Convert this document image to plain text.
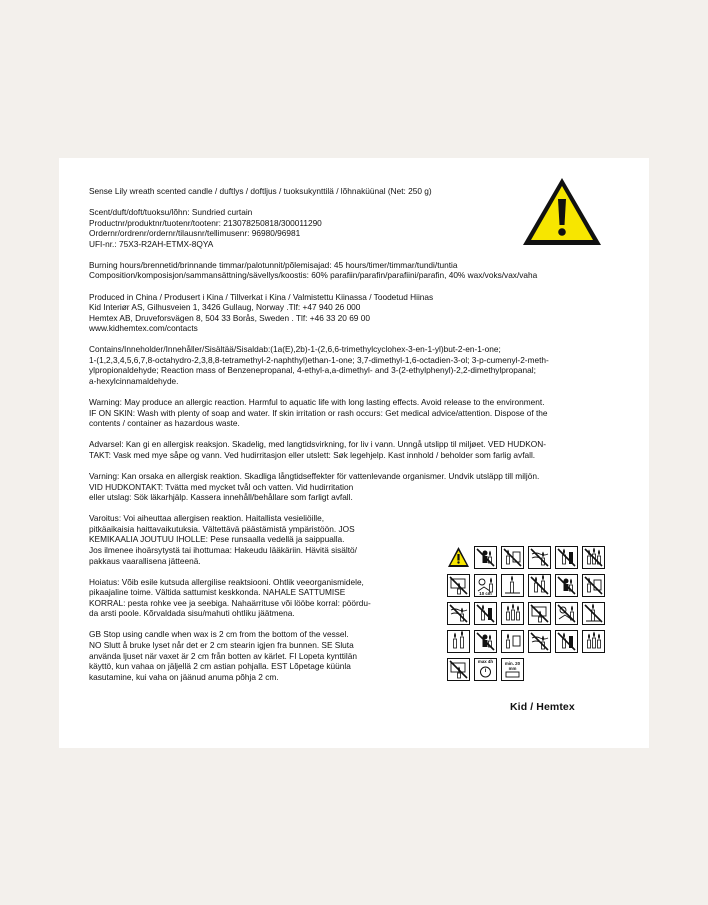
Sense Lily wreath scented candle / duftlys / doftljus / tuoksukynttilä / lõhnaküünal (Net: 250 g)

Scent/duft/doft/tuoksu/lõhn: Sundried curtain
Productnr/produktnr/tuotenr/tootenr: 213078250818/300011290
Ordernr/ordrenr/ordernr/tilausnr/tellimusenr: 96980/96981
UFI-nr.: 75X3-R2AH-ETMX-8QYA

Burning hours/brennetid/brinnande timmar/palotunnit/põlemisajad: 45 hours/timer/timmar/tundi/tuntia
Composition/komposisjon/sammansättning/sävellys/koostis: 60% parafiin/parafin/parafiini/parafin, 40% wax/voks/vax/vaha

Produced in China / Produsert i Kina / Tillverkat i Kina / Valmistettu Kiinassa / Toodetud Hiinas
Kid Interiør AS, Gilhusveien 1, 3426 Gullaug, Norway .Tlf: +47 940 26 000
Hemtex AB, Druveforsvägen 8, 504 33 Borås, Sweden . Tlf: +46 33 20 69 00
www.kidhemtex.com/contacts

Contains/Inneholder/Innehåller/Sisältää/Sisaldab:(1a(E),2b)-1-(2,6,6-trimethylcyclohex-3-en-1-yl)but-2-en-1-one;
1-(1,2,3,4,5,6,7,8-octahydro-2,3,8,8-tetramethyl-2-naphthyl)ethan-1-one; 3,7-dimethyl-1,6-octadien-3-ol; 3-p-cumenyl-2-meth-
ylpropionaldehyde; Reaction mass of Benzenepropanal, 4-ethyl-a,a-dimethyl- and 3-(2-ethylphenyl)-2,2-dimethylpropanal;
a-hexylcinnamaldehyde.

Warning: May produce an allergic reaction. Harmful to aquatic life with long lasting effects. Avoid release to the environment.
IF ON SKIN: Wash with plenty of soap and water. If skin irritation or rash occurs: Get medical advice/attention. Dispose of the
contents / container as hazardous waste.

Advarsel: Kan gi en allergisk reaksjon. Skadelig, med langtidsvirkning, for liv i vann. Unngå utslipp til miljøet. VED HUDKON-
TAKT: Vask med mye såpe og vann. Ved hudirritasjon eller utslett: Søk legehjelp. Kast innhold / beholder som farlig avfall.

Varning: Kan orsaka en allergisk reaktion. Skadliga långtidseffekter för vattenlevande organismer. Undvik utsläpp till miljön.
VID HUDKONTAKT: Tvätta med mycket tvål och vatten. Vid hudirritation
eller utslag: Sök läkarhjälp. Kassera innehåll/behållare som farligt avfall.

Varoitus: Voi aiheuttaa allergisen reaktion. Haitallista vesieliöille,
pitkäaikaisia haittavaikutuksia. Vältettävä päästämistä ympäristöön. JOS
KEMIKAALIA JOUTUU IHOLLE: Pese runsaalla vedellä ja saippualla.
Jos ilmenee ihoärsytystä tai ihottumaa: Hakeudu lääkäriin. Hävitä sisältö/
pakkaus vaarallisena jätteenä.

Hoiatus: Võib esile kutsuda allergilise reaktsiooni. Ohtlik veeorganismidele,
pikaajaline toime. Vältida sattumist keskkonda. NAHALE SATTUMISE
KORRAL: pesta rohke vee ja seebiga. Nahaärrituse või lööbe korral: pöördu-
da arsti poole. Kõrvaldada sisu/mahuti ohtliku jäätmena.

GB Stop using candle when wax is 2 cm from the bottom of the vessel.
NO Slutt å bruke lyset når det er 2 cm stearin igjen fra bunnen. SE Sluta
använda ljuset när vaxet är 2 cm från botten av kärlet. FI Lopeta kynttilän
käyttö, kun vahaa on jäljellä 2 cm astian pohjalla. EST Lõpetage küünla
kasutamine, kui vaha on jäänud anuma põhja 2 cm.

10 cm
max 4h	min. 20 mm
Kid / Hemtex
